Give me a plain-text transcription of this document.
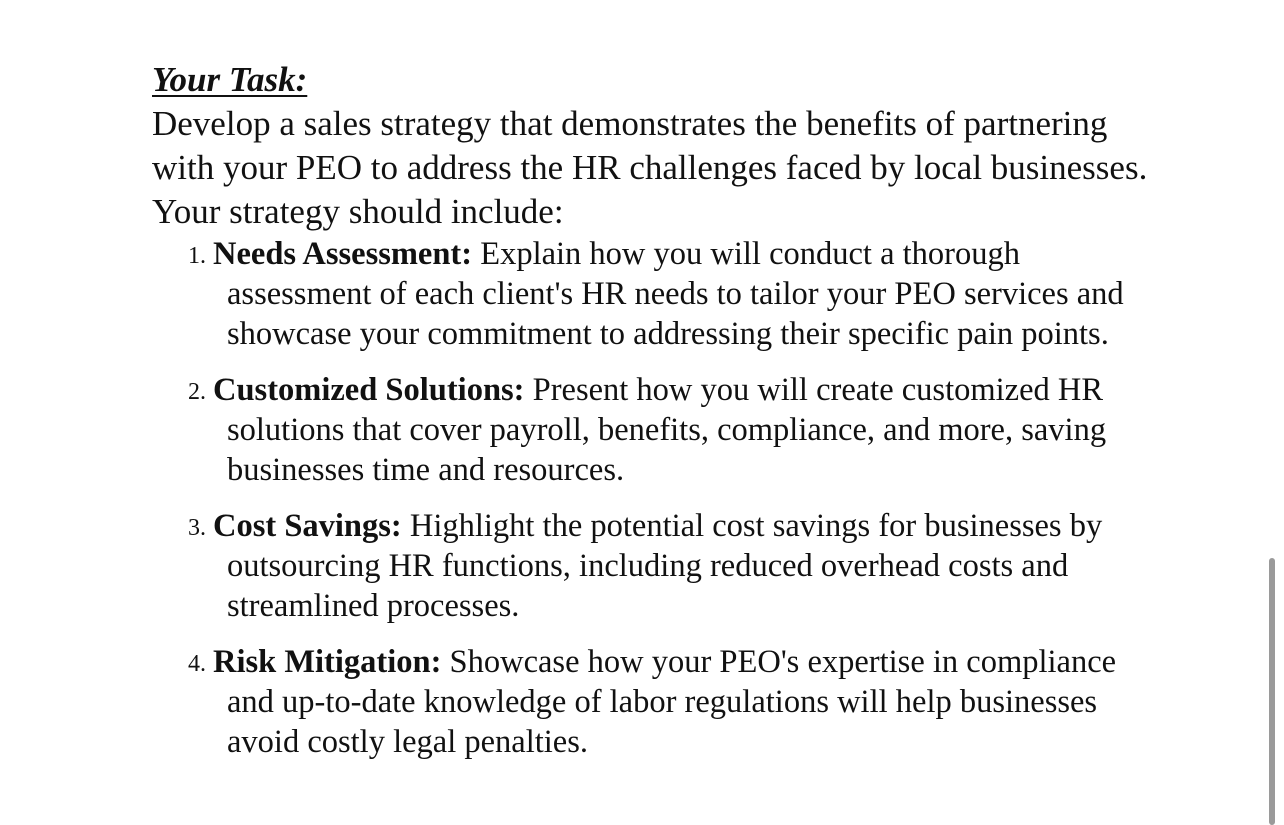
Your Task:
Develop a sales strategy that demonstrates the benefits of partnering with your PEO to address the HR challenges faced by local businesses. Your strategy should include:
1. Needs Assessment: Explain how you will conduct a thorough assessment of each client's HR needs to tailor your PEO services and showcase your commitment to addressing their specific pain points.
2. Customized Solutions: Present how you will create customized HR solutions that cover payroll, benefits, compliance, and more, saving businesses time and resources.
3. Cost Savings: Highlight the potential cost savings for businesses by outsourcing HR functions, including reduced overhead costs and streamlined processes.
4. Risk Mitigation: Showcase how your PEO's expertise in compliance and up-to-date knowledge of labor regulations will help businesses avoid costly legal penalties.
